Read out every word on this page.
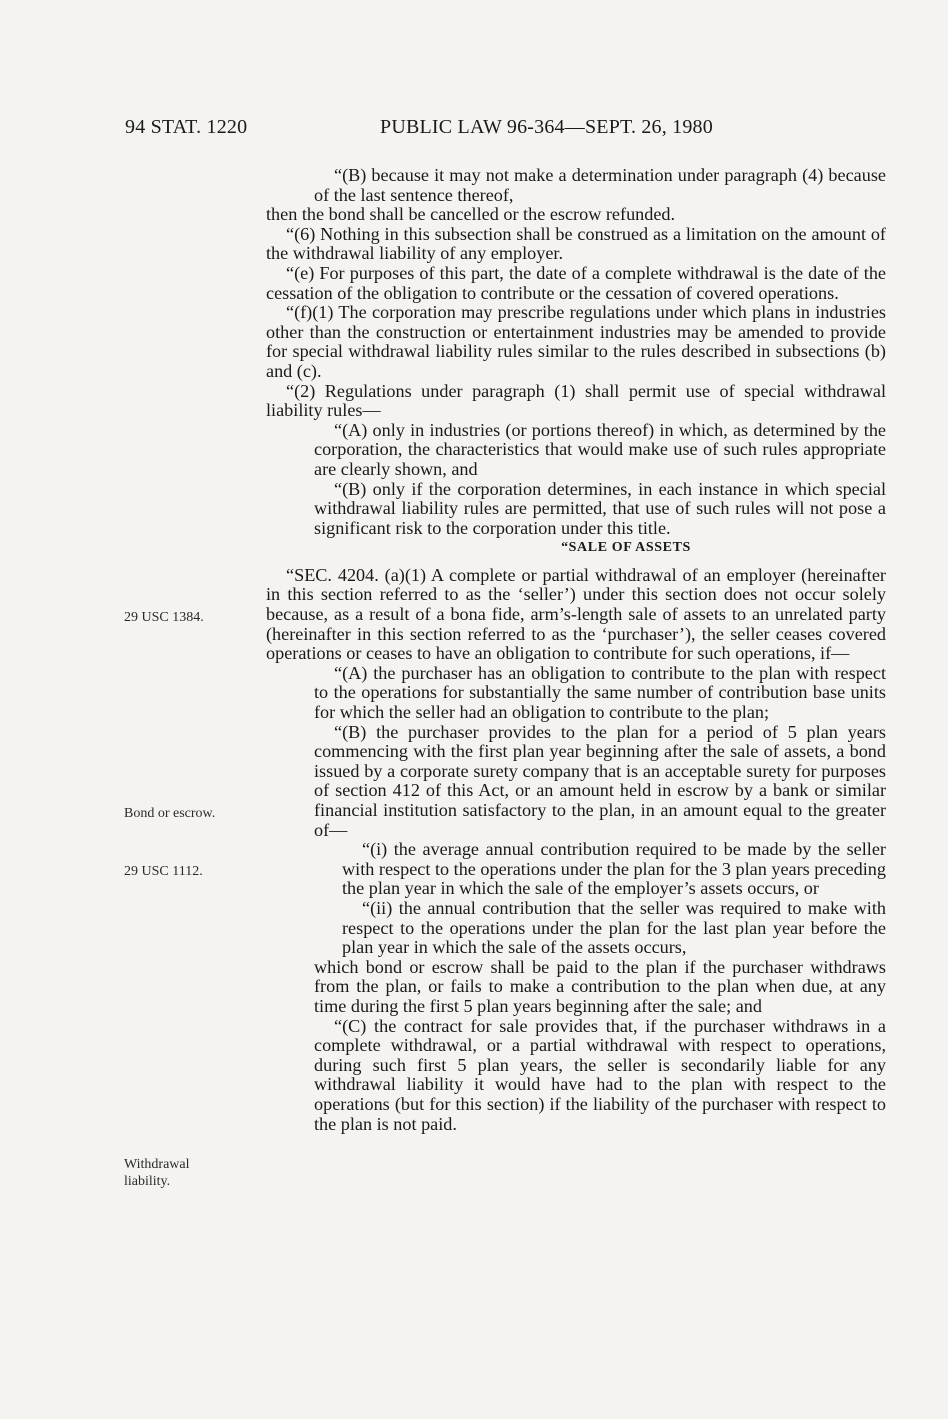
94 STAT. 1220	PUBLIC LAW 96-364—SEPT. 26, 1980
29 USC 1384.
Bond or escrow.
29 USC 1112.
Withdrawal liability.

“(B) because it may not make a determination under paragraph (4) because of the last sentence thereof,

then the bond shall be cancelled or the escrow refunded.

“(6) Nothing in this subsection shall be construed as a limitation on the amount of the withdrawal liability of any employer.

“(e) For purposes of this part, the date of a complete withdrawal is the date of the cessation of the obligation to contribute or the cessation of covered operations.

“(f)(1) The corporation may prescribe regulations under which plans in industries other than the construction or entertainment industries may be amended to provide for special withdrawal liability rules similar to the rules described in subsections (b) and (c).

“(2) Regulations under paragraph (1) shall permit use of special withdrawal liability rules—

“(A) only in industries (or portions thereof) in which, as determined by the corporation, the characteristics that would make use of such rules appropriate are clearly shown, and

“(B) only if the corporation determines, in each instance in which special withdrawal liability rules are permitted, that use of such rules will not pose a significant risk to the corporation under this title.

“SALE OF ASSETS

“SEC. 4204. (a)(1) A complete or partial withdrawal of an employer (hereinafter in this section referred to as the ‘seller’) under this section does not occur solely because, as a result of a bona fide, arm’s-length sale of assets to an unrelated party (hereinafter in this section referred to as the ‘purchaser’), the seller ceases covered operations or ceases to have an obligation to contribute for such operations, if—

“(A) the purchaser has an obligation to contribute to the plan with respect to the operations for substantially the same number of contribution base units for which the seller had an obligation to contribute to the plan;

“(B) the purchaser provides to the plan for a period of 5 plan years commencing with the first plan year beginning after the sale of assets, a bond issued by a corporate surety company that is an acceptable surety for purposes of section 412 of this Act, or an amount held in escrow by a bank or similar financial institution satisfactory to the plan, in an amount equal to the greater of—

“(i) the average annual contribution required to be made by the seller with respect to the operations under the plan for the 3 plan years preceding the plan year in which the sale of the employer’s assets occurs, or

“(ii) the annual contribution that the seller was required to make with respect to the operations under the plan for the last plan year before the plan year in which the sale of the assets occurs,

which bond or escrow shall be paid to the plan if the purchaser withdraws from the plan, or fails to make a contribution to the plan when due, at any time during the first 5 plan years beginning after the sale; and

“(C) the contract for sale provides that, if the purchaser withdraws in a complete withdrawal, or a partial withdrawal with respect to operations, during such first 5 plan years, the seller is secondarily liable for any withdrawal liability it would have had to the plan with respect to the operations (but for this section) if the liability of the purchaser with respect to the plan is not paid.
